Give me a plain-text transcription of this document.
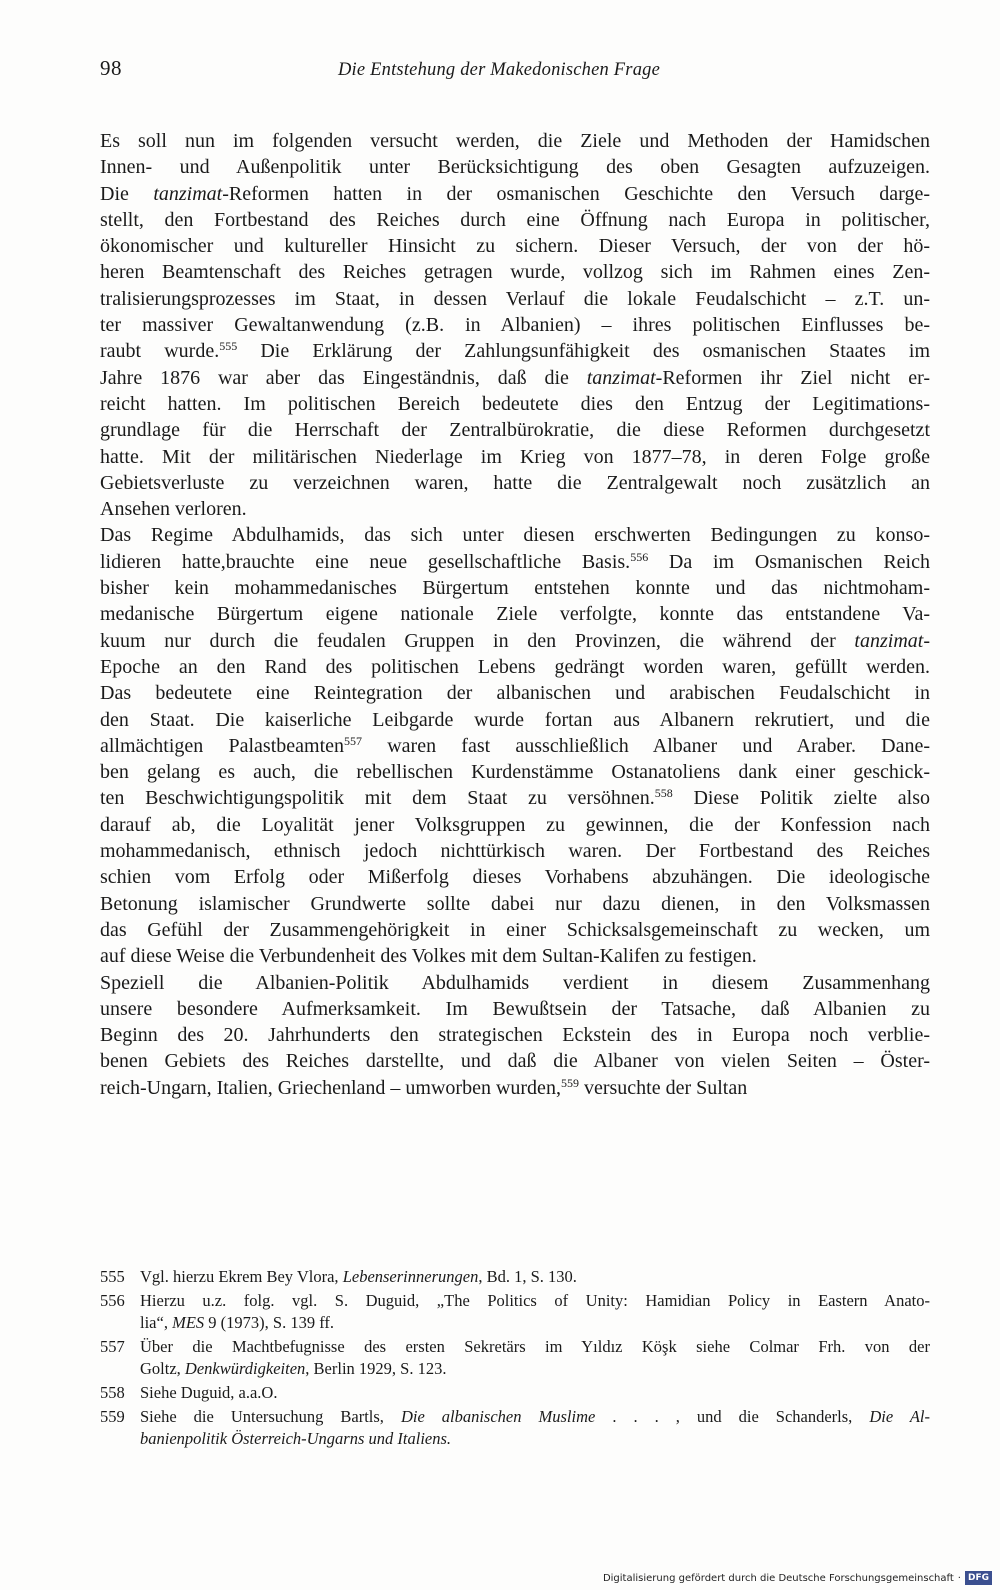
98	Die Entstehung der Makedonischen Frage
Es soll nun im folgenden versucht werden, die Ziele und Methoden der Hamidschen
Innen- und Außenpolitik unter Berücksichtigung des oben Gesagten aufzuzeigen.
Die tanzimat-Reformen hatten in der osmanischen Geschichte den Versuch darge-
stellt, den Fortbestand des Reiches durch eine Öffnung nach Europa in politischer,
ökonomischer und kultureller Hinsicht zu sichern. Dieser Versuch, der von der hö-
heren Beamtenschaft des Reiches getragen wurde, vollzog sich im Rahmen eines Zen-
tralisierungsprozesses im Staat, in dessen Verlauf die lokale Feudalschicht – z.T. un-
ter massiver Gewaltanwendung (z.B. in Albanien) – ihres politischen Einflusses be-
raubt wurde.$^{555}$ Die Erklärung der Zahlungsunfähigkeit des osmanischen Staates im
Jahre 1876 war aber das Eingeständnis, daß die tanzimat-Reformen ihr Ziel nicht er-
reicht hatten. Im politischen Bereich bedeutete dies den Entzug der Legitimations-
grundlage für die Herrschaft der Zentralbürokratie, die diese Reformen durchgesetzt
hatte. Mit der militärischen Niederlage im Krieg von 1877–78, in deren Folge große
Gebietsverluste zu verzeichnen waren, hatte die Zentralgewalt noch zusätzlich an
Ansehen verloren.
Das Regime Abdulhamids, das sich unter diesen erschwerten Bedingungen zu konso-
lidieren hatte,brauchte eine neue gesellschaftliche Basis.$^{556}$ Da im Osmanischen Reich
bisher kein mohammedanisches Bürgertum entstehen konnte und das nichtmoham-
medanische Bürgertum eigene nationale Ziele verfolgte, konnte das entstandene Va-
kuum nur durch die feudalen Gruppen in den Provinzen, die während der tanzimat-
Epoche an den Rand des politischen Lebens gedrängt worden waren, gefüllt werden.
Das bedeutete eine Reintegration der albanischen und arabischen Feudalschicht in
den Staat. Die kaiserliche Leibgarde wurde fortan aus Albanern rekrutiert, und die
allmächtigen Palastbeamten$^{557}$ waren fast ausschließlich Albaner und Araber. Dane-
ben gelang es auch, die rebellischen Kurdenstämme Ostanatoliens dank einer geschick-
ten Beschwichtigungspolitik mit dem Staat zu versöhnen.$^{558}$ Diese Politik zielte also
darauf ab, die Loyalität jener Volksgruppen zu gewinnen, die der Konfession nach
mohammedanisch, ethnisch jedoch nichttürkisch waren. Der Fortbestand des Reiches
schien vom Erfolg oder Mißerfolg dieses Vorhabens abzuhängen. Die ideologische
Betonung islamischer Grundwerte sollte dabei nur dazu dienen, in den Volksmassen
das Gefühl der Zusammengehörigkeit in einer Schicksalsgemeinschaft zu wecken, um
auf diese Weise die Verbundenheit des Volkes mit dem Sultan-Kalifen zu festigen.
Speziell die Albanien-Politik Abdulhamids verdient in diesem Zusammenhang
unsere besondere Aufmerksamkeit. Im Bewußtsein der Tatsache, daß Albanien zu
Beginn des 20. Jahrhunderts den strategischen Eckstein des in Europa noch verblie-
benen Gebiets des Reiches darstellte, und daß die Albaner von vielen Seiten – Öster-
reich-Ungarn, Italien, Griechenland – umworben wurden,$^{559}$ versuchte der Sultan
555 Vgl. hierzu Ekrem Bey Vlora, Lebenserinnerungen, Bd. 1, S. 130.
556 Hierzu u.z. folg. vgl. S. Duguid, „The Politics of Unity: Hamidian Policy in Eastern Anato-
lia“, MES 9 (1973), S. 139 ff.
557 Über die Machtbefugnisse des ersten Sekretärs im Yıldız Köşk siehe Colmar Frh. von der
Goltz, Denkwürdigkeiten, Berlin 1929, S. 123.
558 Siehe Duguid, a.a.O.
559 Siehe die Untersuchung Bartls, Die albanischen Muslime . . . , und die Schanderls, Die Al-
banienpolitik Österreich-Ungarns und Italiens.
Digitalisierung gefördert durch die Deutsche Forschungsgemeinschaft · DFG
